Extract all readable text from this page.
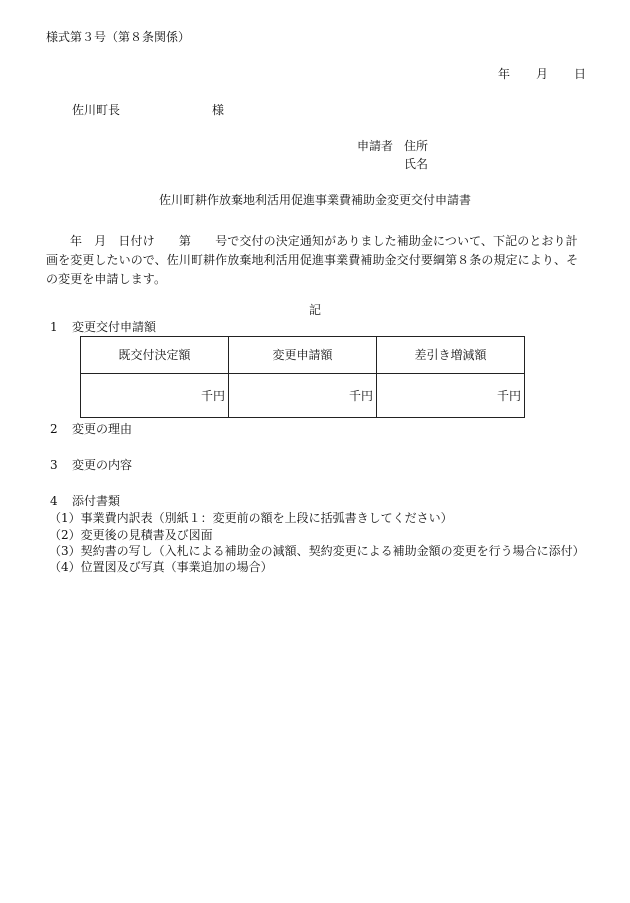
様式第３号（第８条関係）
年 月 日
佐川町長	様
申請者 住所
氏名
佐川町耕作放棄地利活用促進事業費補助金変更交付申請書
年　月　日付け　　第　　号で交付の決定通知がありました補助金について、下記のとおり計画を変更したいので、佐川町耕作放棄地利活用促進事業費補助金交付要綱第８条の規定により、その変更を申請します。
記
1 変更交付申請額
既交付決定額	変更申請額	差引き増減額
千円	千円	千円
2 変更の理由
3 変更の内容
4 添付書類
（1）事業費内訳表（別紙１：変更前の額を上段に括弧書きしてください）
（2）変更後の見積書及び図面
（3）契約書の写し（入札による補助金の減額、契約変更による補助金額の変更を行う場合に添付）
（4）位置図及び写真（事業追加の場合）
